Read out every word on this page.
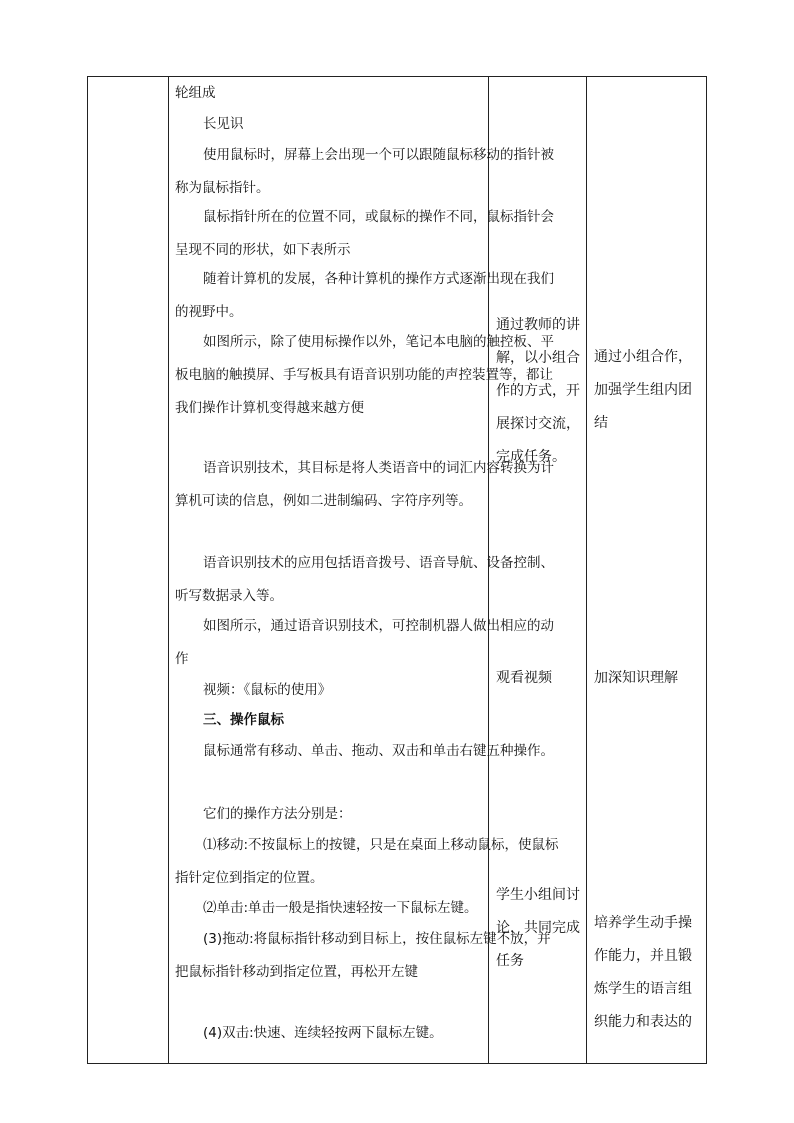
轮组成
长见识
使用鼠标时，屏幕上会出现一个可以跟随鼠标移动的指针被称为鼠标指针。
鼠标指针所在的位置不同，或鼠标的操作不同，鼠标指针会呈现不同的形状，如下表所示
随着计算机的发展，各种计算机的操作方式逐渐出现在我们的视野中。
如图所示，除了使用标操作以外，笔记本电脑的触控板、平板电脑的触摸屏、手写板具有语音识别功能的声控装置等，都让我们操作计算机变得越来越方便
语音识别技术，其目标是将人类语音中的词汇内容转换为计算机可读的信息，例如二进制编码、字符序列等。
语音识别技术的应用包括语音拨号、语音导航、设备控制、听写数据录入等。
如图所示，通过语音识别技术，可控制机器人做出相应的动作
视频：《鼠标的使用》
三、操作鼠标
鼠标通常有移动、单击、拖动、双击和单击右键五种操作。
它们的操作方法分别是：
⑴移动:不按鼠标上的按键，只是在桌面上移动鼠标，使鼠标指针定位到指定的位置。
⑵单击:单击一般是指快速轻按一下鼠标左键。
(3)拖动:将鼠标指针移动到目标上，按住鼠标左键不放，并把鼠标指针移动到指定位置，再松开左键
(4)双击:快速、连续轻按两下鼠标左键。
通过教师的讲解，以小组合作的方式，开展探讨交流，完成任务。
观看视频
学生小组间讨论，共同完成任务
通过小组合作，加强学生组内团结
加深知识理解
培养学生动手操作能力，并且锻炼学生的语言组织能力和表达的
